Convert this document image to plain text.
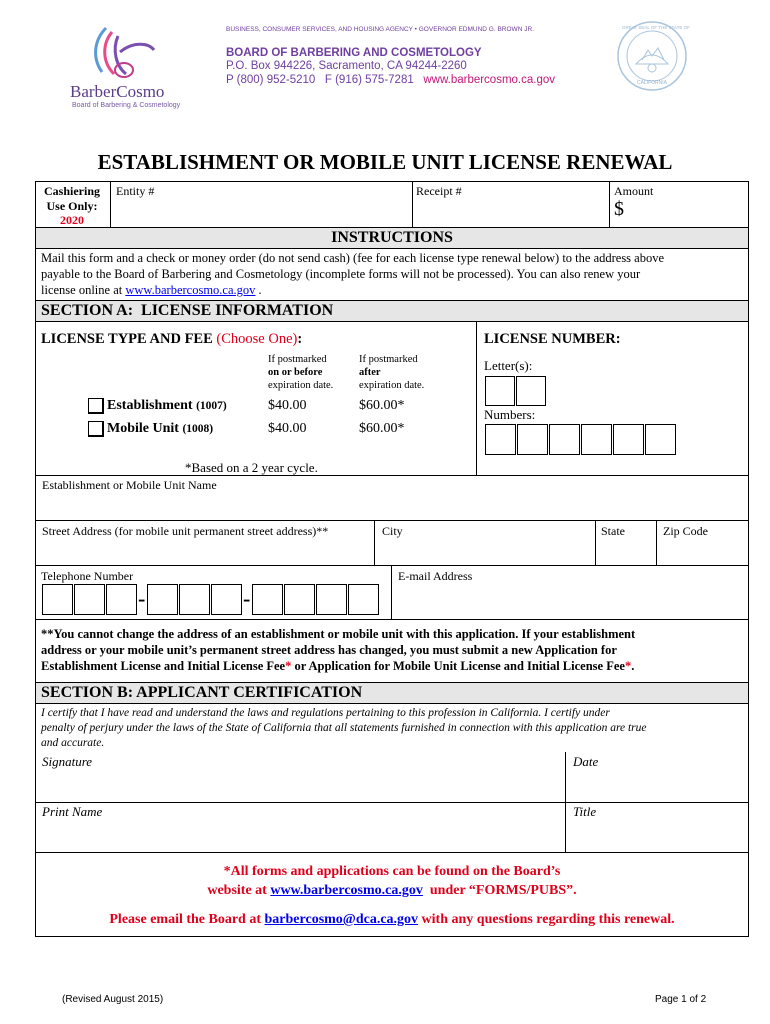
BarberCosmo
Board of Barbering & Cosmetology
BUSINESS, CONSUMER SERVICES, AND HOUSING AGENCY • GOVERNOR EDMUND G. BROWN JR.
BOARD OF BARBERING AND COSMETOLOGY
P.O. Box 944226, Sacramento, CA 94244-2260
P (800) 952-5210   F (916) 575-7281 www.barbercosmo.ca.gov
GREAT SEAL OF THE STATE OF
CALIFORNIA
ESTABLISHMENT OR MOBILE UNIT LICENSE RENEWAL
Cashiering
Use Only:
2020
Entity #	Receipt #	Amount
$
INSTRUCTIONS
Mail this form and a check or money order (do not send cash) (fee for each license type renewal below) to the address above
payable to the Board of Barbering and Cosmetology (incomplete forms will not be processed). You can also renew your
license online at www.barbercosmo.ca.gov .
SECTION A:  LICENSE INFORMATION
LICENSE TYPE AND FEE (Choose One):
If postmarked
on or before
expiration date.
If postmarked
after
expiration date.
Establishment (1007)	$40.00	$60.00*
Mobile Unit (1008)	$40.00	$60.00*
*Based on a 2 year cycle.
LICENSE NUMBER:
Letter(s):
Numbers:
Establishment or Mobile Unit Name
Street Address (for mobile unit permanent street address)**	City	State	Zip Code
Telephone Number
-	-
E-mail Address
**You cannot change the address of an establishment or mobile unit with this application. If your establishment
address or your mobile unit’s permanent street address has changed, you must submit a new Application for
Establishment License and Initial License Fee* or Application for Mobile Unit License and Initial License Fee*.
SECTION B: APPLICANT CERTIFICATION
I certify that I have read and understand the laws and regulations pertaining to this profession in California. I certify under
penalty of perjury under the laws of the State of California that all statements furnished in connection with this application are true
and accurate.
Signature	Date
Print Name	Title
*All forms and applications can be found on the Board’s
website at www.barbercosmo.ca.gov  under “FORMS/PUBS”.
Please email the Board at barbercosmo@dca.ca.gov with any questions regarding this renewal.
(Revised August 2015)	Page 1 of 2
